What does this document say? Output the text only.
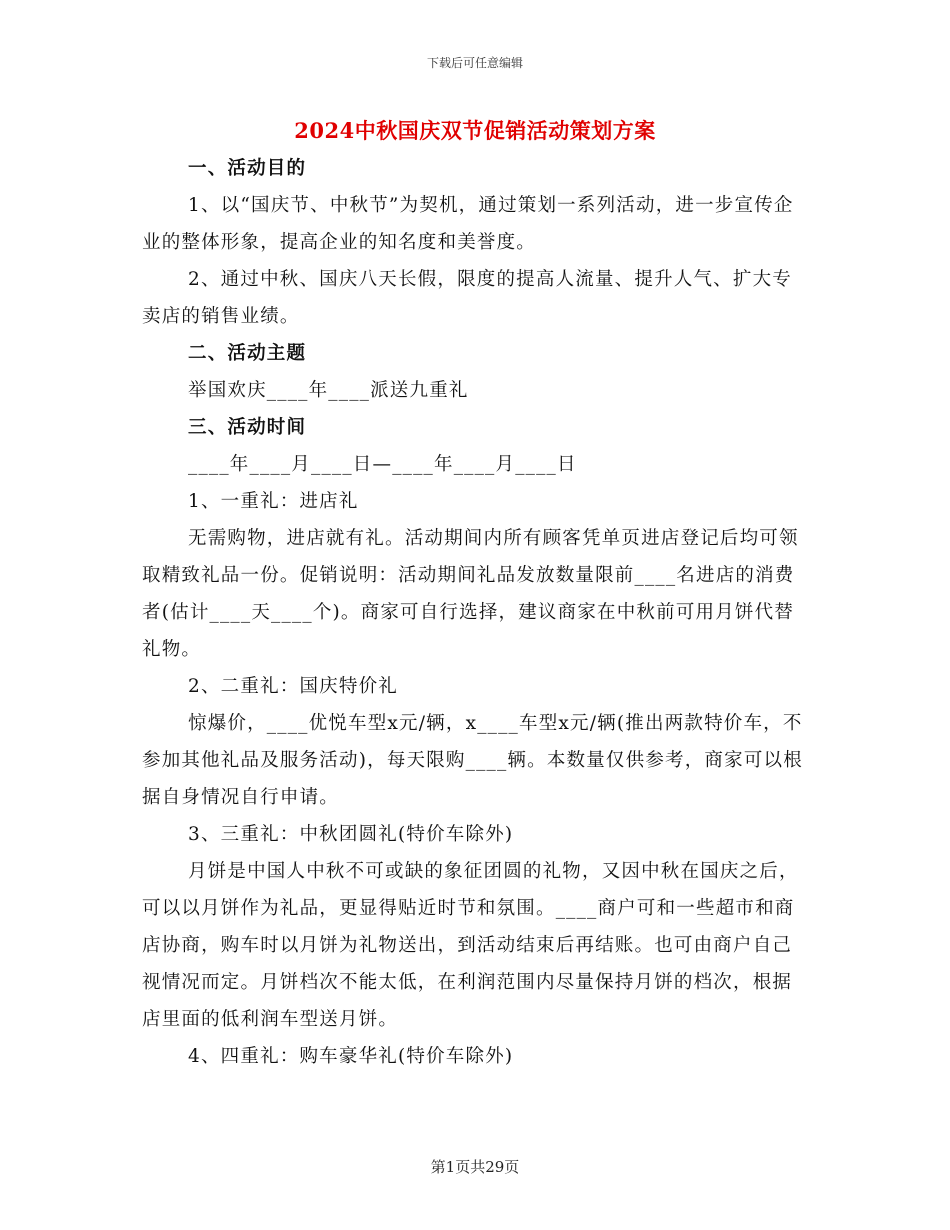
下载后可任意编辑
2024中秋国庆双节促销活动策划方案

一、活动目的

1、以“国庆节、中秋节”为契机，通过策划一系列活动，进一步宣传企业的整体形象，提高企业的知名度和美誉度。

2、通过中秋、国庆八天长假，限度的提高人流量、提升人气、扩大专卖店的销售业绩。

二、活动主题

举国欢庆____年____派送九重礼

三、活动时间

____年____月____日—____年____月____日

1、一重礼：进店礼

无需购物，进店就有礼。活动期间内所有顾客凭单页进店登记后均可领取精致礼品一份。促销说明：活动期间礼品发放数量限前____名进店的消费者(估计____天____个)。商家可自行选择，建议商家在中秋前可用月饼代替礼物。

2、二重礼：国庆特价礼

惊爆价，____优悦车型x元/辆，x____车型x元/辆(推出两款特价车，不参加其他礼品及服务活动)，每天限购____辆。本数量仅供参考，商家可以根据自身情况自行申请。

3、三重礼：中秋团圆礼(特价车除外)

月饼是中国人中秋不可或缺的象征团圆的礼物，又因中秋在国庆之后，可以以月饼作为礼品，更显得贴近时节和氛围。____商户可和一些超市和商店协商，购车时以月饼为礼物送出，到活动结束后再结账。也可由商户自己视情况而定。月饼档次不能太低，在利润范围内尽量保持月饼的档次，根据店里面的低利润车型送月饼。

4、四重礼：购车豪华礼(特价车除外)

第1页共29页
